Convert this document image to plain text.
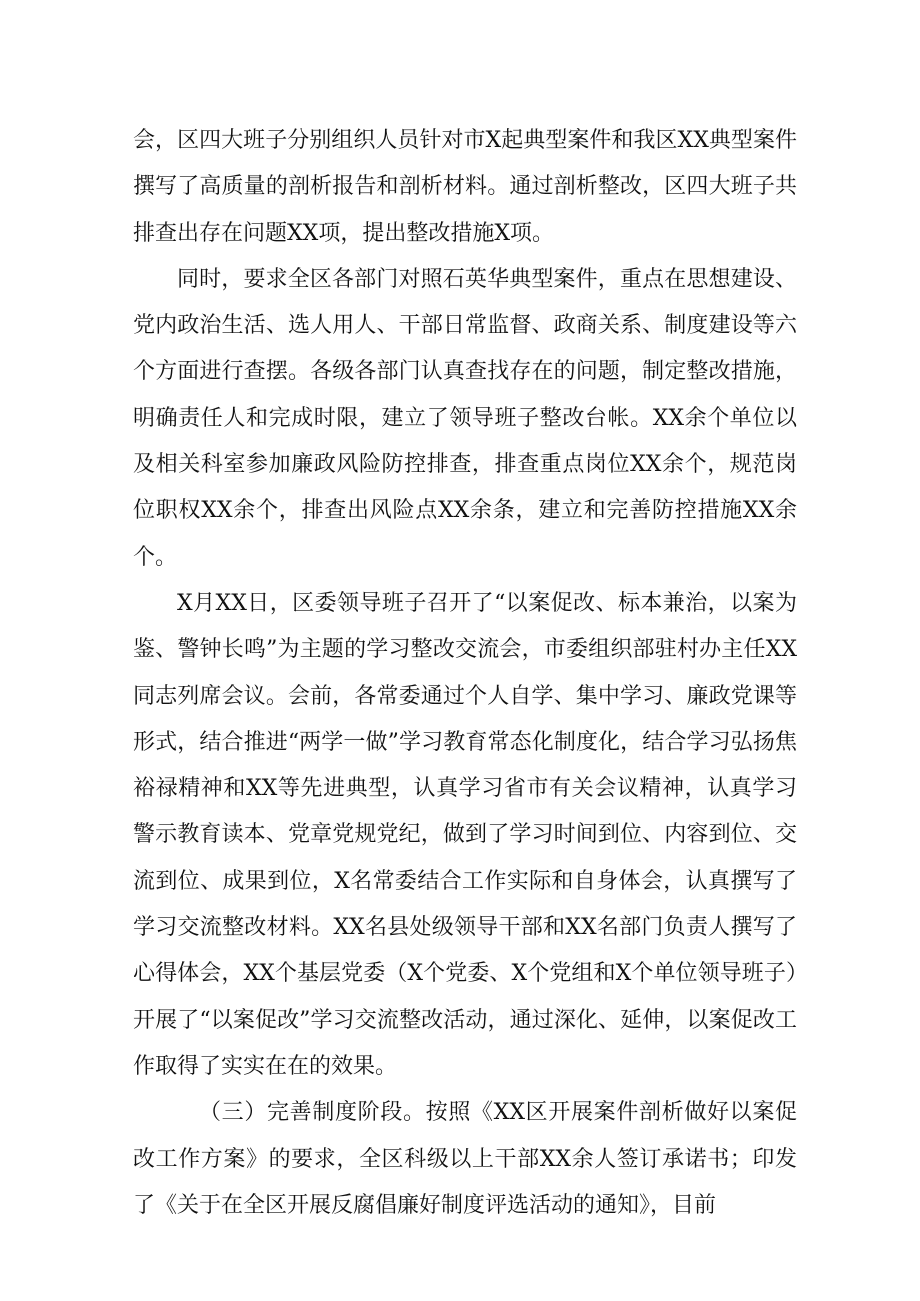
会，区四大班子分别组织人员针对市X起典型案件和我区XX典型案件撰写了高质量的剖析报告和剖析材料。通过剖析整改，区四大班子共排查出存在问题XX项，提出整改措施X项。

同时，要求全区各部门对照石英华典型案件，重点在思想建设、党内政治生活、选人用人、干部日常监督、政商关系、制度建设等六个方面进行查摆。各级各部门认真查找存在的问题，制定整改措施，明确责任人和完成时限，建立了领导班子整改台帐。XX余个单位以及相关科室参加廉政风险防控排查，排查重点岗位XX余个，规范岗位职权XX余个，排查出风险点XX余条，建立和完善防控措施XX余个。

X月XX日，区委领导班子召开了“以案促改、标本兼治，以案为鉴、警钟长鸣”为主题的学习整改交流会，市委组织部驻村办主任XX同志列席会议。会前，各常委通过个人自学、集中学习、廉政党课等形式，结合推进“两学一做”学习教育常态化制度化，结合学习弘扬焦裕禄精神和XX等先进典型，认真学习省市有关会议精神，认真学习警示教育读本、党章党规党纪，做到了学习时间到位、内容到位、交流到位、成果到位，X名常委结合工作实际和自身体会，认真撰写了学习交流整改材料。XX名县处级领导干部和XX名部门负责人撰写了心得体会，XX个基层党委（X个党委、X个党组和X个单位领导班子）开展了“以案促改”学习交流整改活动，通过深化、延伸，以案促改工作取得了实实在在的效果。

（三）完善制度阶段。按照《XX区开展案件剖析做好以案促改工作方案》的要求，全区科级以上干部XX余人签订承诺书；印发了《关于在全区开展反腐倡廉好制度评选活动的通知》，目前
